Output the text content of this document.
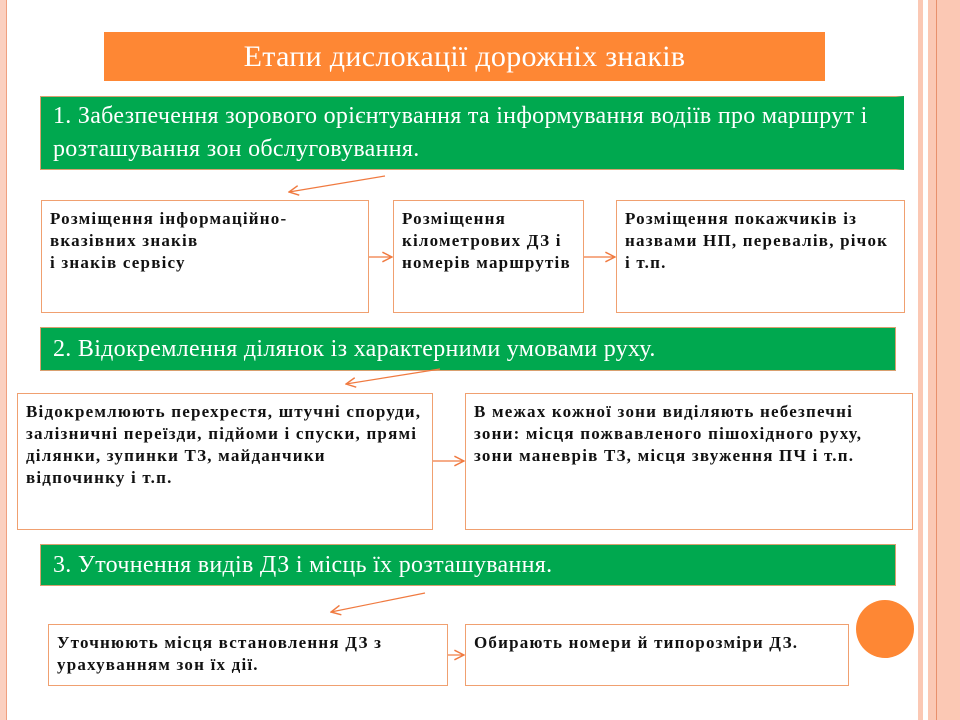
Етапи дислокації дорожніх знаків
1. Забезпечення зорового орієнтування та інформування водіїв про маршрут і розташування зон обслуговування.
Розміщення інформаційно-вказівних знаків
і знаків сервісу
Розміщення кілометрових ДЗ і номерів маршрутів
Розміщення покажчиків із назвами НП, перевалів, річок
і т.п.
2. Відокремлення ділянок із характерними умовами руху.
Відокремлюють перехрестя, штучні споруди, залізничні переїзди, підйоми і спуски, прямі ділянки, зупинки ТЗ, майданчики відпочинку і т.п.
В межах кожної зони виділяють небезпечні зони: місця пожвавленого пішохідного руху, зони маневрів ТЗ, місця звуження ПЧ і т.п.
3. Уточнення видів ДЗ і місць їх розташування.
Уточнюють місця встановлення ДЗ з урахуванням зон їх дії.
Обирають номери й типорозміри ДЗ.
